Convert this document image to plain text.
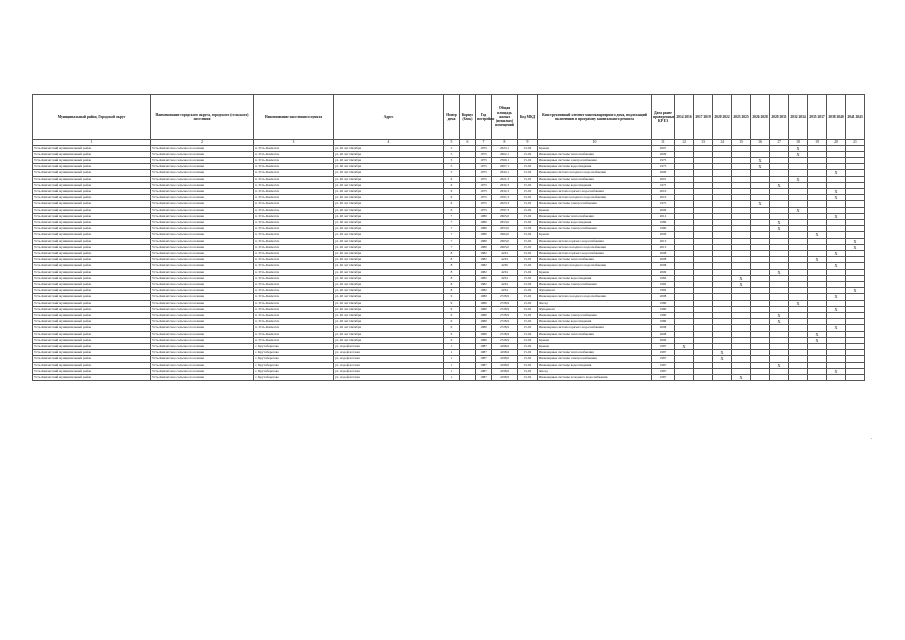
Муниципальный район, Городской округ	Наименование городского округа, городского (сельского) поселения	Наименование населенного пункта	Адрес	Номер дома	Корпус (блок)	Год постройки	Общая площадь жилых (нежилых) помещений	Код МКД	Конструктивный элемент многоквартирного дома, подлежащий включению в программу капитального ремонта	Дата ранее проведенных КР ЕЗ	2014 2016	2017 2019	2020 2022	2023 2025	2026 2028	2029 2031	2032 2034	2035 2037	2038 2040	2041 2043
1	2	3	4	5	6	7	8	9	10	11	12	13	14	15	16	17	18	19	20	21
Усть-Камчатский муниципальный район	Усть-Камчатское сельское поселение	п. Усть-Камчатск	ул. 40 лет Октября	5		1975	2623,1	15-02	Крыша	2007							X			
Усть-Камчатский муниципальный район	Усть-Камчатское сельское поселение	п. Усть-Камчатск	ул. 40 лет Октября	5		1975	2602,1	15-02	Инженерные системы теплоснабжения	2009							X			
Усть-Камчатский муниципальный район	Усть-Камчатское сельское поселение	п. Усть-Камчатск	ул. 40 лет Октября	5		1975	2560,1	15-02	Инженерные системы электроснабжения	1975					X					
Усть-Камчатский муниципальный район	Усть-Камчатское сельское поселение	п. Усть-Камчатск	ул. 40 лет Октября	5		1975	2607,1	15-02	Инженерные системы водоотведения	1975					X					
Усть-Камчатский муниципальный район	Усть-Камчатское сельское поселение	п. Усть-Камчатск	ул. 40 лет Октября	5		1975	2643,1	15-02	Инженерная система холодного водоснабжения	2009									X	
Усть-Камчатский муниципальный район	Усть-Камчатское сельское поселение	п. Усть-Камчатск	ул. 40 лет Октября	6		1975	2621,3	15-02	Инженерные системы теплоснабжения	2001							X			
Усть-Камчатский муниципальный район	Усть-Камчатское сельское поселение	п. Усть-Камчатск	ул. 40 лет Октября	6		1975	2632,3	15-02	Инженерные системы водоотведения	1975						X				
Усть-Камчатский муниципальный район	Усть-Камчатское сельское поселение	п. Усть-Камчатск	ул. 40 лет Октября	6		1975	2632,3	15-02	Инженерная система горячего водоснабжения	2010									X	
Усть-Камчатский муниципальный район	Усть-Камчатское сельское поселение	п. Усть-Камчатск	ул. 40 лет Октября	6		1975	2597,3	15-02	Инженерная система холодного водоснабжения	2010									X	
Усть-Камчатский муниципальный район	Усть-Камчатское сельское поселение	п. Усть-Камчатск	ул. 40 лет Октября	6		1975	2623,3	15-02	Инженерные системы электроснабжения	1975					X					
Усть-Камчатский муниципальный район	Усть-Камчатское сельское поселение	п. Усть-Камчатск	ул. 40 лет Октября	6		1975	2597,3	15-02	Крыша	2006							X			
Усть-Камчатский муниципальный район	Усть-Камчатское сельское поселение	п. Усть-Камчатск	ул. 40 лет Октября	7		1980	2663,0	15-02	Инженерные системы теплоснабжения	2012									X	
Усть-Камчатский муниципальный район	Усть-Камчатское сельское поселение	п. Усть-Камчатск	ул. 40 лет Октября	7		1980	2653,0	15-02	Инженерные системы водоотведения	1980						X				
Усть-Камчатский муниципальный район	Усть-Камчатское сельское поселение	п. Усть-Камчатск	ул. 40 лет Октября	7		1980	2653,0	15-02	Инженерные системы электроснабжения	1980						X				
Усть-Камчатский муниципальный район	Усть-Камчатское сельское поселение	п. Усть-Камчатск	ул. 40 лет Октября	7		1980	2664,0	15-02	Крыша	2006								X		
Усть-Камчатский муниципальный район	Усть-Камчатское сельское поселение	п. Усть-Камчатск	ул. 40 лет Октября	7		1980	2663,0	15-02	Инженерная система горячего водоснабжения	2013										X
Усть-Камчатский муниципальный район	Усть-Камчатское сельское поселение	п. Усть-Камчатск	ул. 40 лет Октября	7		1980	2663,0	15-02	Инженерная система холодного водоснабжения	2013										X
Усть-Камчатский муниципальный район	Усть-Камчатское сельское поселение	п. Усть-Камчатск	ул. 40 лет Октября	8		1982	4234	15-02	Инженерная система горячего водоснабжения	2008									X	
Усть-Камчатский муниципальный район	Усть-Камчатское сельское поселение	п. Усть-Камчатск	ул. 40 лет Октября	8		1982	4234	15-02	Инженерные системы теплоснабжения	2008								X		
Усть-Камчатский муниципальный район	Усть-Камчатское сельское поселение	п. Усть-Камчатск	ул. 40 лет Октября	8		1982	4236	15-02	Инженерная система холодного водоснабжения	2008									X	
Усть-Камчатский муниципальный район	Усть-Камчатское сельское поселение	п. Усть-Камчатск	ул. 40 лет Октября	8		1982	4234	15-02	Крыша	2009						X				
Усть-Камчатский муниципальный район	Усть-Камчатское сельское поселение	п. Усть-Камчатск	ул. 40 лет Октября	8		1982	4234	15-02	Инженерные системы водоотведения	1982				X						
Усть-Камчатский муниципальный район	Усть-Камчатское сельское поселение	п. Усть-Камчатск	ул. 40 лет Октября	8		1982	4234	15-02	Инженерные системы электроснабжения	1982				X						
Усть-Камчатский муниципальный район	Усть-Камчатское сельское поселение	п. Усть-Камчатск	ул. 40 лет Октября	8		1982	4234	15-02	Фундамент	1982										X
Усть-Камчатский муниципальный район	Усть-Камчатское сельское поселение	п. Усть-Камчатск	ул. 40 лет Октября	9		1980	2728,9	15-02	Инженерная система холодного водоснабжения	2008									X	
Усть-Камчатский муниципальный район	Усть-Камчатское сельское поселение	п. Усть-Камчатск	ул. 40 лет Октября	9		1980	2728,9	15-02	Фасад	1980							X			
Усть-Камчатский муниципальный район	Усть-Камчатское сельское поселение	п. Усть-Камчатск	ул. 40 лет Октября	9		1980	2728,9	15-02	Фундамент	1980									X	
Усть-Камчатский муниципальный район	Усть-Камчатское сельское поселение	п. Усть-Камчатск	ул. 40 лет Октября	9		1980	2728,9	15-02	Инженерные системы электроснабжения	1980						X				
Усть-Камчатский муниципальный район	Усть-Камчатское сельское поселение	п. Усть-Камчатск	ул. 40 лет Октября	9		1980	2728,9	15-02	Инженерные системы водоотведения	1980						X				
Усть-Камчатский муниципальный район	Усть-Камчатское сельское поселение	п. Усть-Камчатск	ул. 40 лет Октября	9		1980	2728,9	15-02	Инженерная система горячего водоснабжения	2008									X	
Усть-Камчатский муниципальный район	Усть-Камчатское сельское поселение	п. Усть-Камчатск	ул. 40 лет Октября	9		1980	2728,9	15-02	Инженерные системы теплоснабжения	2008								X		
Усть-Камчатский муниципальный район	Усть-Камчатское сельское поселение	п. Усть-Камчатск	ул. 40 лет Октября	9		1980	2728,9	15-02	Крыша	2009								X		
Усть-Камчатский муниципальный район	Усть-Камчатское сельское поселение	с. Крутоберегово	ул. Аэрофлотская	1		1987	4198,6	15-02	Крыша	1987	X									
Усть-Камчатский муниципальный район	Усть-Камчатское сельское поселение	с. Крутоберегово	ул. Аэрофлотская	1		1987	4198,6	15-02	Инженерные системы теплоснабжения	1987			X							
Усть-Камчатский муниципальный район	Усть-Камчатское сельское поселение	с. Крутоберегово	ул. Аэрофлотская	1		1987	4198,6	15-02	Инженерные системы электроснабжения	1987			X							
Усть-Камчатский муниципальный район	Усть-Камчатское сельское поселение	с. Крутоберегово	ул. Аэрофлотская	1		1987	4198,6	15-02	Инженерные системы водоотведения	1987						X				
Усть-Камчатский муниципальный район	Усть-Камчатское сельское поселение	с. Крутоберегово	ул. Аэрофлотская	1		1987	4198,6	15-02	Фасад	1987									X	
Усть-Камчатский муниципальный район	Усть-Камчатское сельское поселение	с. Крутоберегово	ул. Аэрофлотская	1		1987	4198,6	15-02	Инженерные системы холодного водоснабжения	1987				X						
.
